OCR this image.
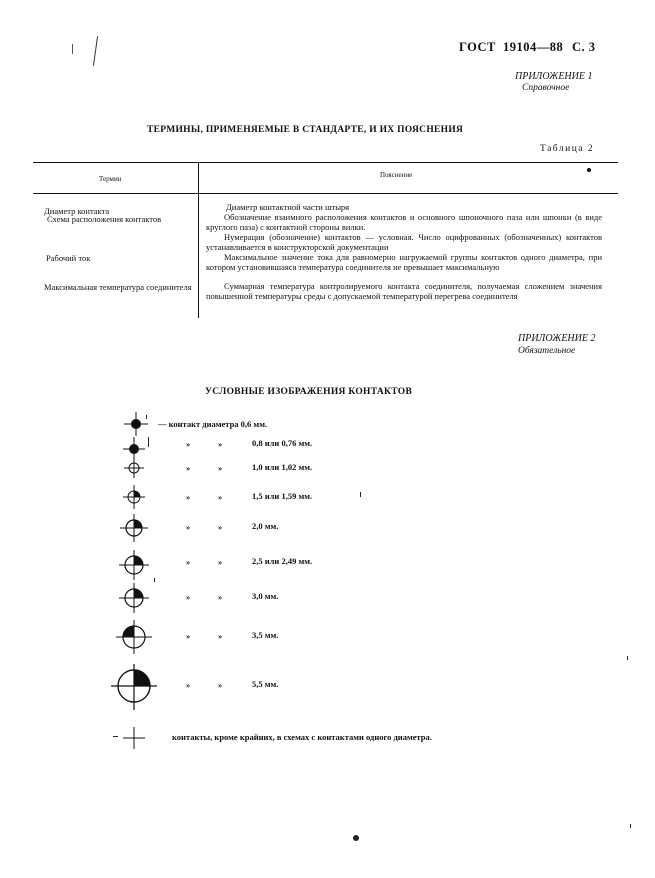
ГОСТ 19104—88 С. 3
ПРИЛОЖЕНИЕ 1
Справочное
ТЕРМИНЫ, ПРИМЕНЯЕМЫЕ В СТАНДАРТЕ, И ИХ ПОЯСНЕНИЯ
Таблица 2
Термин	Пояснение
Диаметр контакта	Диаметр контактной части штыря
Схема расположения контактов	Обозначение взаимного расположения контактов и основного шпоночного паза или шпонки (в виде круглого паза) с контактной стороны вилки.
Нумерация (обозначение) контактов — условная. Число оцифрованных (обозначенных) контактов устанавливается в конструкторской документации
Рабочий ток	Максимальное значение тока для равномерно нагружаемой группы контактов одного диаметра, при котором установившаяся температура соединителя не превышает максимальную
Максимальная температура соединителя	Суммарная температура контролируемого контакта соединителя, получаемая сложением значения повышенной температуры среды с допускаемой температурой перегрева соединителя
ПРИЛОЖЕНИЕ 2
Обязательное
УСЛОВНЫЕ ИЗОБРАЖЕНИЯ КОНТАКТОВ
— контакт диаметра 0,6 мм.
»	»	0,8 или 0,76 мм.
»	»	1,0 или 1,02 мм.
»	»	1,5 или 1,59 мм.
»	»	2,0 мм.
»	»	2,5 или 2,49 мм.
»	»	3,0 мм.
»	»	3,5 мм.
»	»	5,5 мм.
контакты, кроме крайних, в схемах с контактами одного диаметра.
